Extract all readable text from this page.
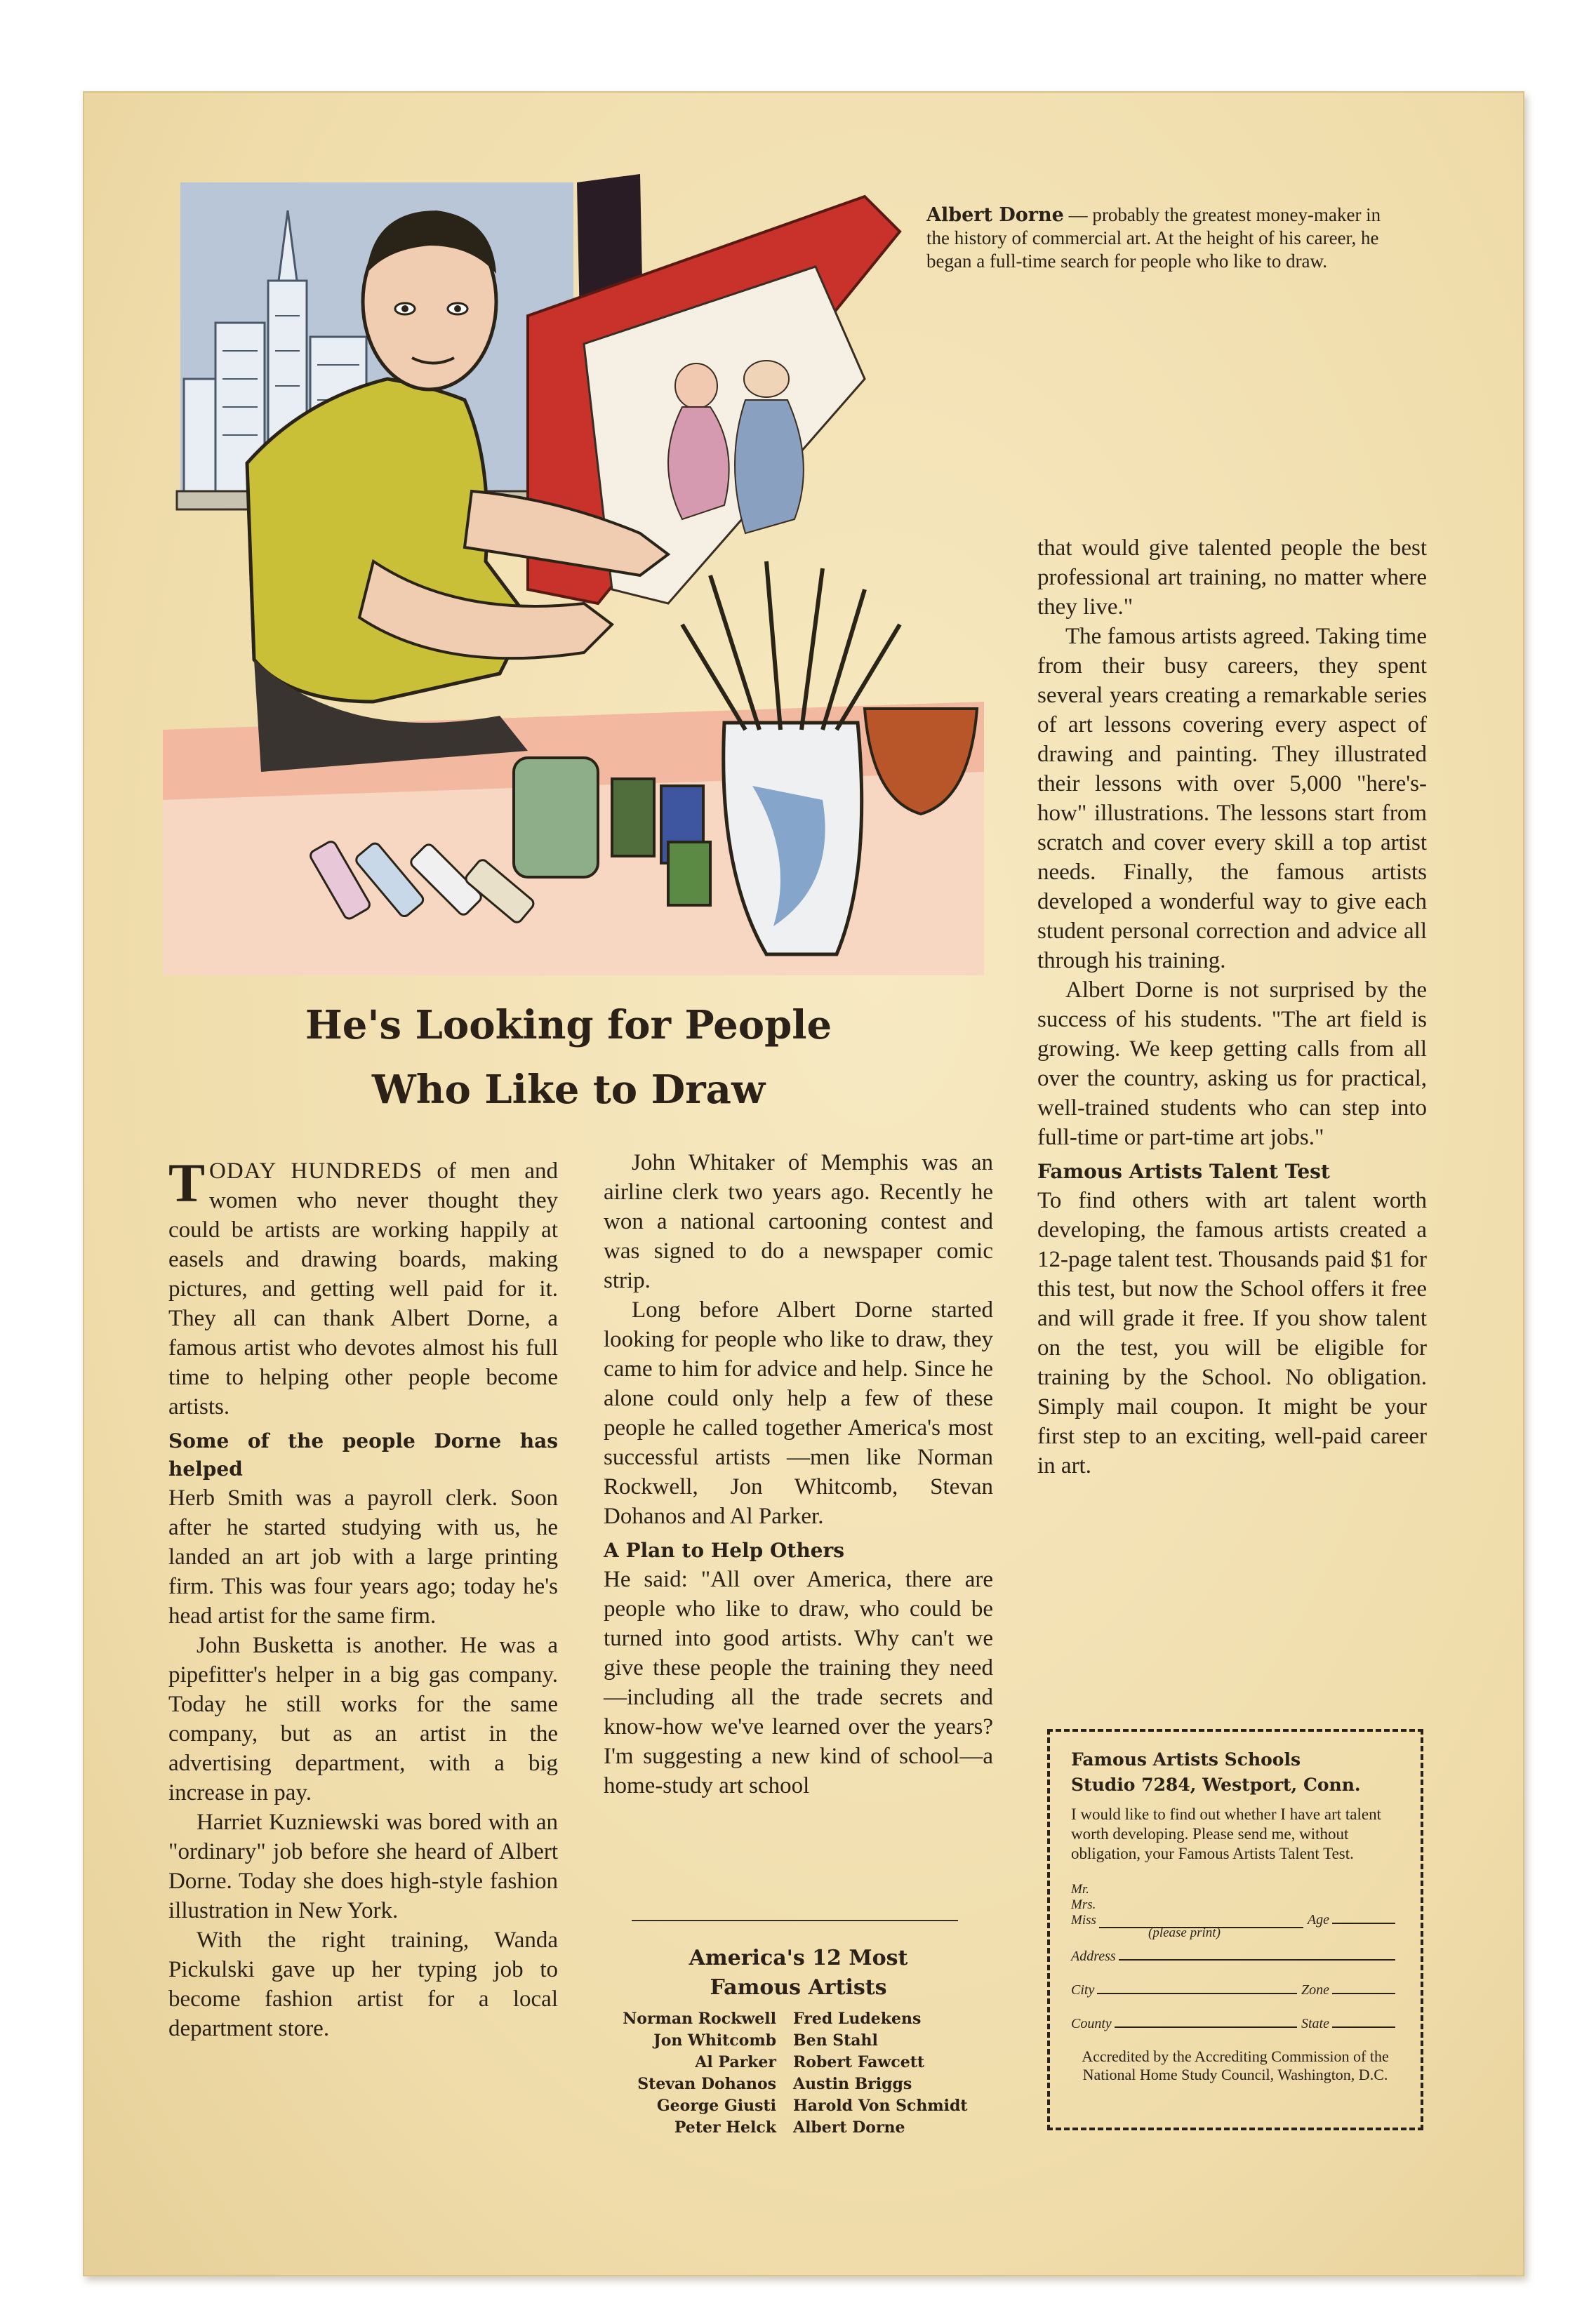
Albert Dorne — probably the greatest money-maker in the history of commercial art. At the height of his career, he began a full-time search for people who like to draw.
He's Looking for People
Who Like to Draw

TODAY HUNDREDS of men and women who never thought they could be artists are working happily at easels and drawing boards, making pictures, and getting well paid for it. They all can thank Albert Dorne, a famous artist who devotes almost his full time to helping other people become artists.

Some of the people Dorne has helped

Herb Smith was a payroll clerk. Soon after he started studying with us, he landed an art job with a large printing firm. This was four years ago; today he's head artist for the same firm.

John Busketta is another. He was a pipefitter's helper in a big gas company. Today he still works for the same company, but as an artist in the advertising department, with a big increase in pay.

Harriet Kuzniewski was bored with an "ordinary" job before she heard of Albert Dorne. Today she does high-style fashion illustration in New York.

With the right training, Wanda Pickulski gave up her typing job to become fashion artist for a local department store.

John Whitaker of Memphis was an airline clerk two years ago. Recently he won a national cartooning contest and was signed to do a newspaper comic strip.

Long before Albert Dorne started looking for people who like to draw, they came to him for advice and help. Since he alone could only help a few of these people he called together America's most successful artists —men like Norman Rockwell, Jon Whitcomb, Stevan Dohanos and Al Parker.

A Plan to Help Others

He said: "All over America, there are people who like to draw, who could be turned into good artists. Why can't we give these people the training they need—including all the trade secrets and know-how we've learned over the years? I'm suggesting a new kind of school—a home-study art school

that would give talented people the best professional art training, no matter where they live."

The famous artists agreed. Taking time from their busy careers, they spent several years creating a remarkable series of art lessons covering every aspect of drawing and painting. They illustrated their lessons with over 5,000 "here's-how" illustrations. The lessons start from scratch and cover every skill a top artist needs. Finally, the famous artists developed a wonderful way to give each student personal correction and advice all through his training.

Albert Dorne is not surprised by the success of his students. "The art field is growing. We keep getting calls from all over the country, asking us for practical, well-trained students who can step into full-time or part-time art jobs."

Famous Artists Talent Test

To find others with art talent worth developing, the famous artists created a 12-page talent test. Thousands paid $1 for this test, but now the School offers it free and will grade it free. If you show talent on the test, you will be eligible for training by the School. No obligation. Simply mail coupon. It might be your first step to an exciting, well-paid career in art.

America's 12 Most
Famous Artists
Norman Rockwell	Fred Ludekens
Jon Whitcomb	Ben Stahl
Al Parker	Robert Fawcett
Stevan Dohanos	Austin Briggs
George Giusti	Harold Von Schmidt
Peter Helck	Albert Dorne
Famous Artists Schools
Studio 7284, Westport, Conn.
I would like to find out whether I have art talent worth developing. Please send me, without obligation, your Famous Artists Talent Test.
Mr.
Mrs.
Miss	Age
(please print)
Address
City	Zone
County	State
Accredited by the Accrediting Commission of the National Home Study Council, Washington, D.C.
